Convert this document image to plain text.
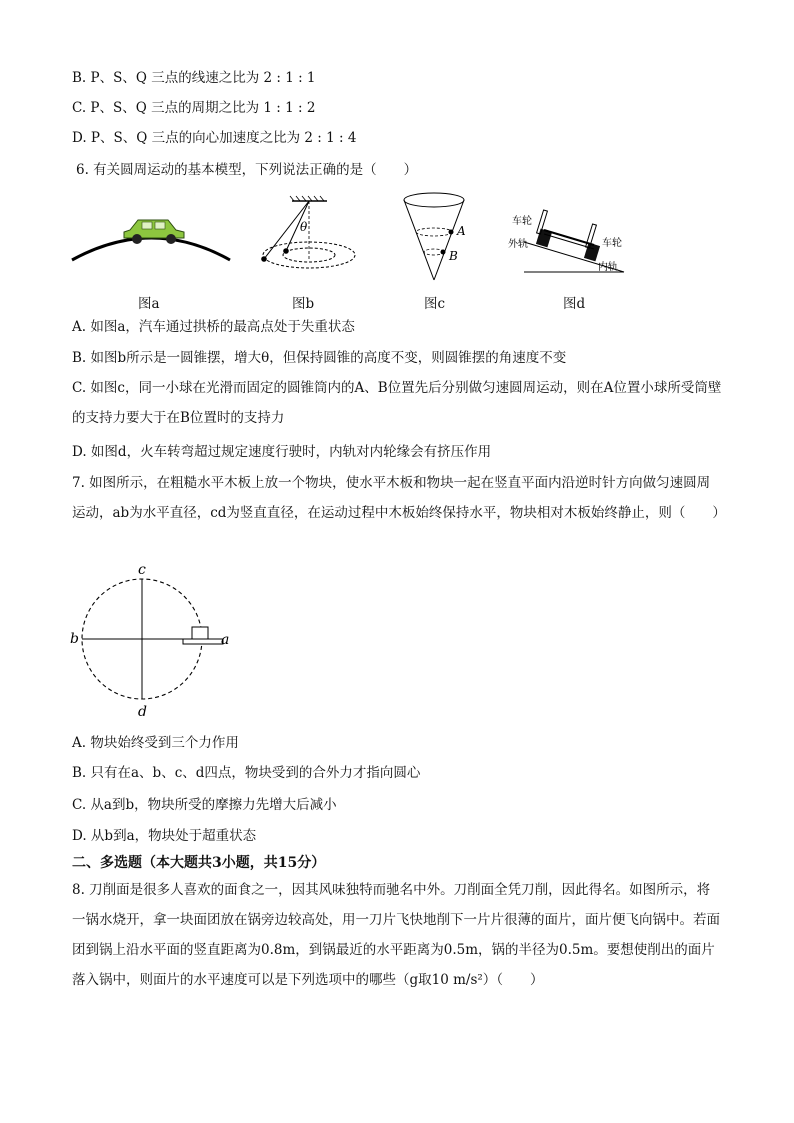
B. P、S、Q 三点的线速之比为 2 : 1 : 1
C. P、S、Q 三点的周期之比为 1 : 1 : 2
D. P、S、Q 三点的向心加速度之比为 2 : 1 : 4
6. 有关圆周运动的基本模型，下列说法正确的是（　　）
θ	A
B
车轮
外轨	车轮
内轨
图a	图b	图c	图d
A. 如图a，汽车通过拱桥的最高点处于失重状态
B. 如图b所示是一圆锥摆，增大θ，但保持圆锥的高度不变，则圆锥摆的角速度不变
C. 如图c，同一小球在光滑而固定的圆锥筒内的A、B位置先后分别做匀速圆周运动，则在A位置小球所受筒壁的支持力要大于在B位置时的支持力
D. 如图d，火车转弯超过规定速度行驶时，内轨对内轮缘会有挤压作用
7. 如图所示，在粗糙水平木板上放一个物块，使水平木板和物块一起在竖直平面内沿逆时针方向做匀速圆周运动，ab为水平直径，cd为竖直直径，在运动过程中木板始终保持水平，物块相对木板始终静止，则（　　）
a
b
c
d
A. 物块始终受到三个力作用
B. 只有在a、b、c、d四点，物块受到的合外力才指向圆心
C. 从a到b，物块所受的摩擦力先增大后减小
D. 从b到a，物块处于超重状态
二、多选题（本大题共3小题，共15分）
8. 刀削面是很多人喜欢的面食之一，因其风味独特而驰名中外。刀削面全凭刀削，因此得名。如图所示，将一锅水烧开，拿一块面团放在锅旁边较高处，用一刀片飞快地削下一片片很薄的面片，面片便飞向锅中。若面团到锅上沿水平面的竖直距离为0.8m，到锅最近的水平距离为0.5m，锅的半径为0.5m。要想使削出的面片落入锅中，则面片的水平速度可以是下列选项中的哪些（g取10 m/s²）（　　）
